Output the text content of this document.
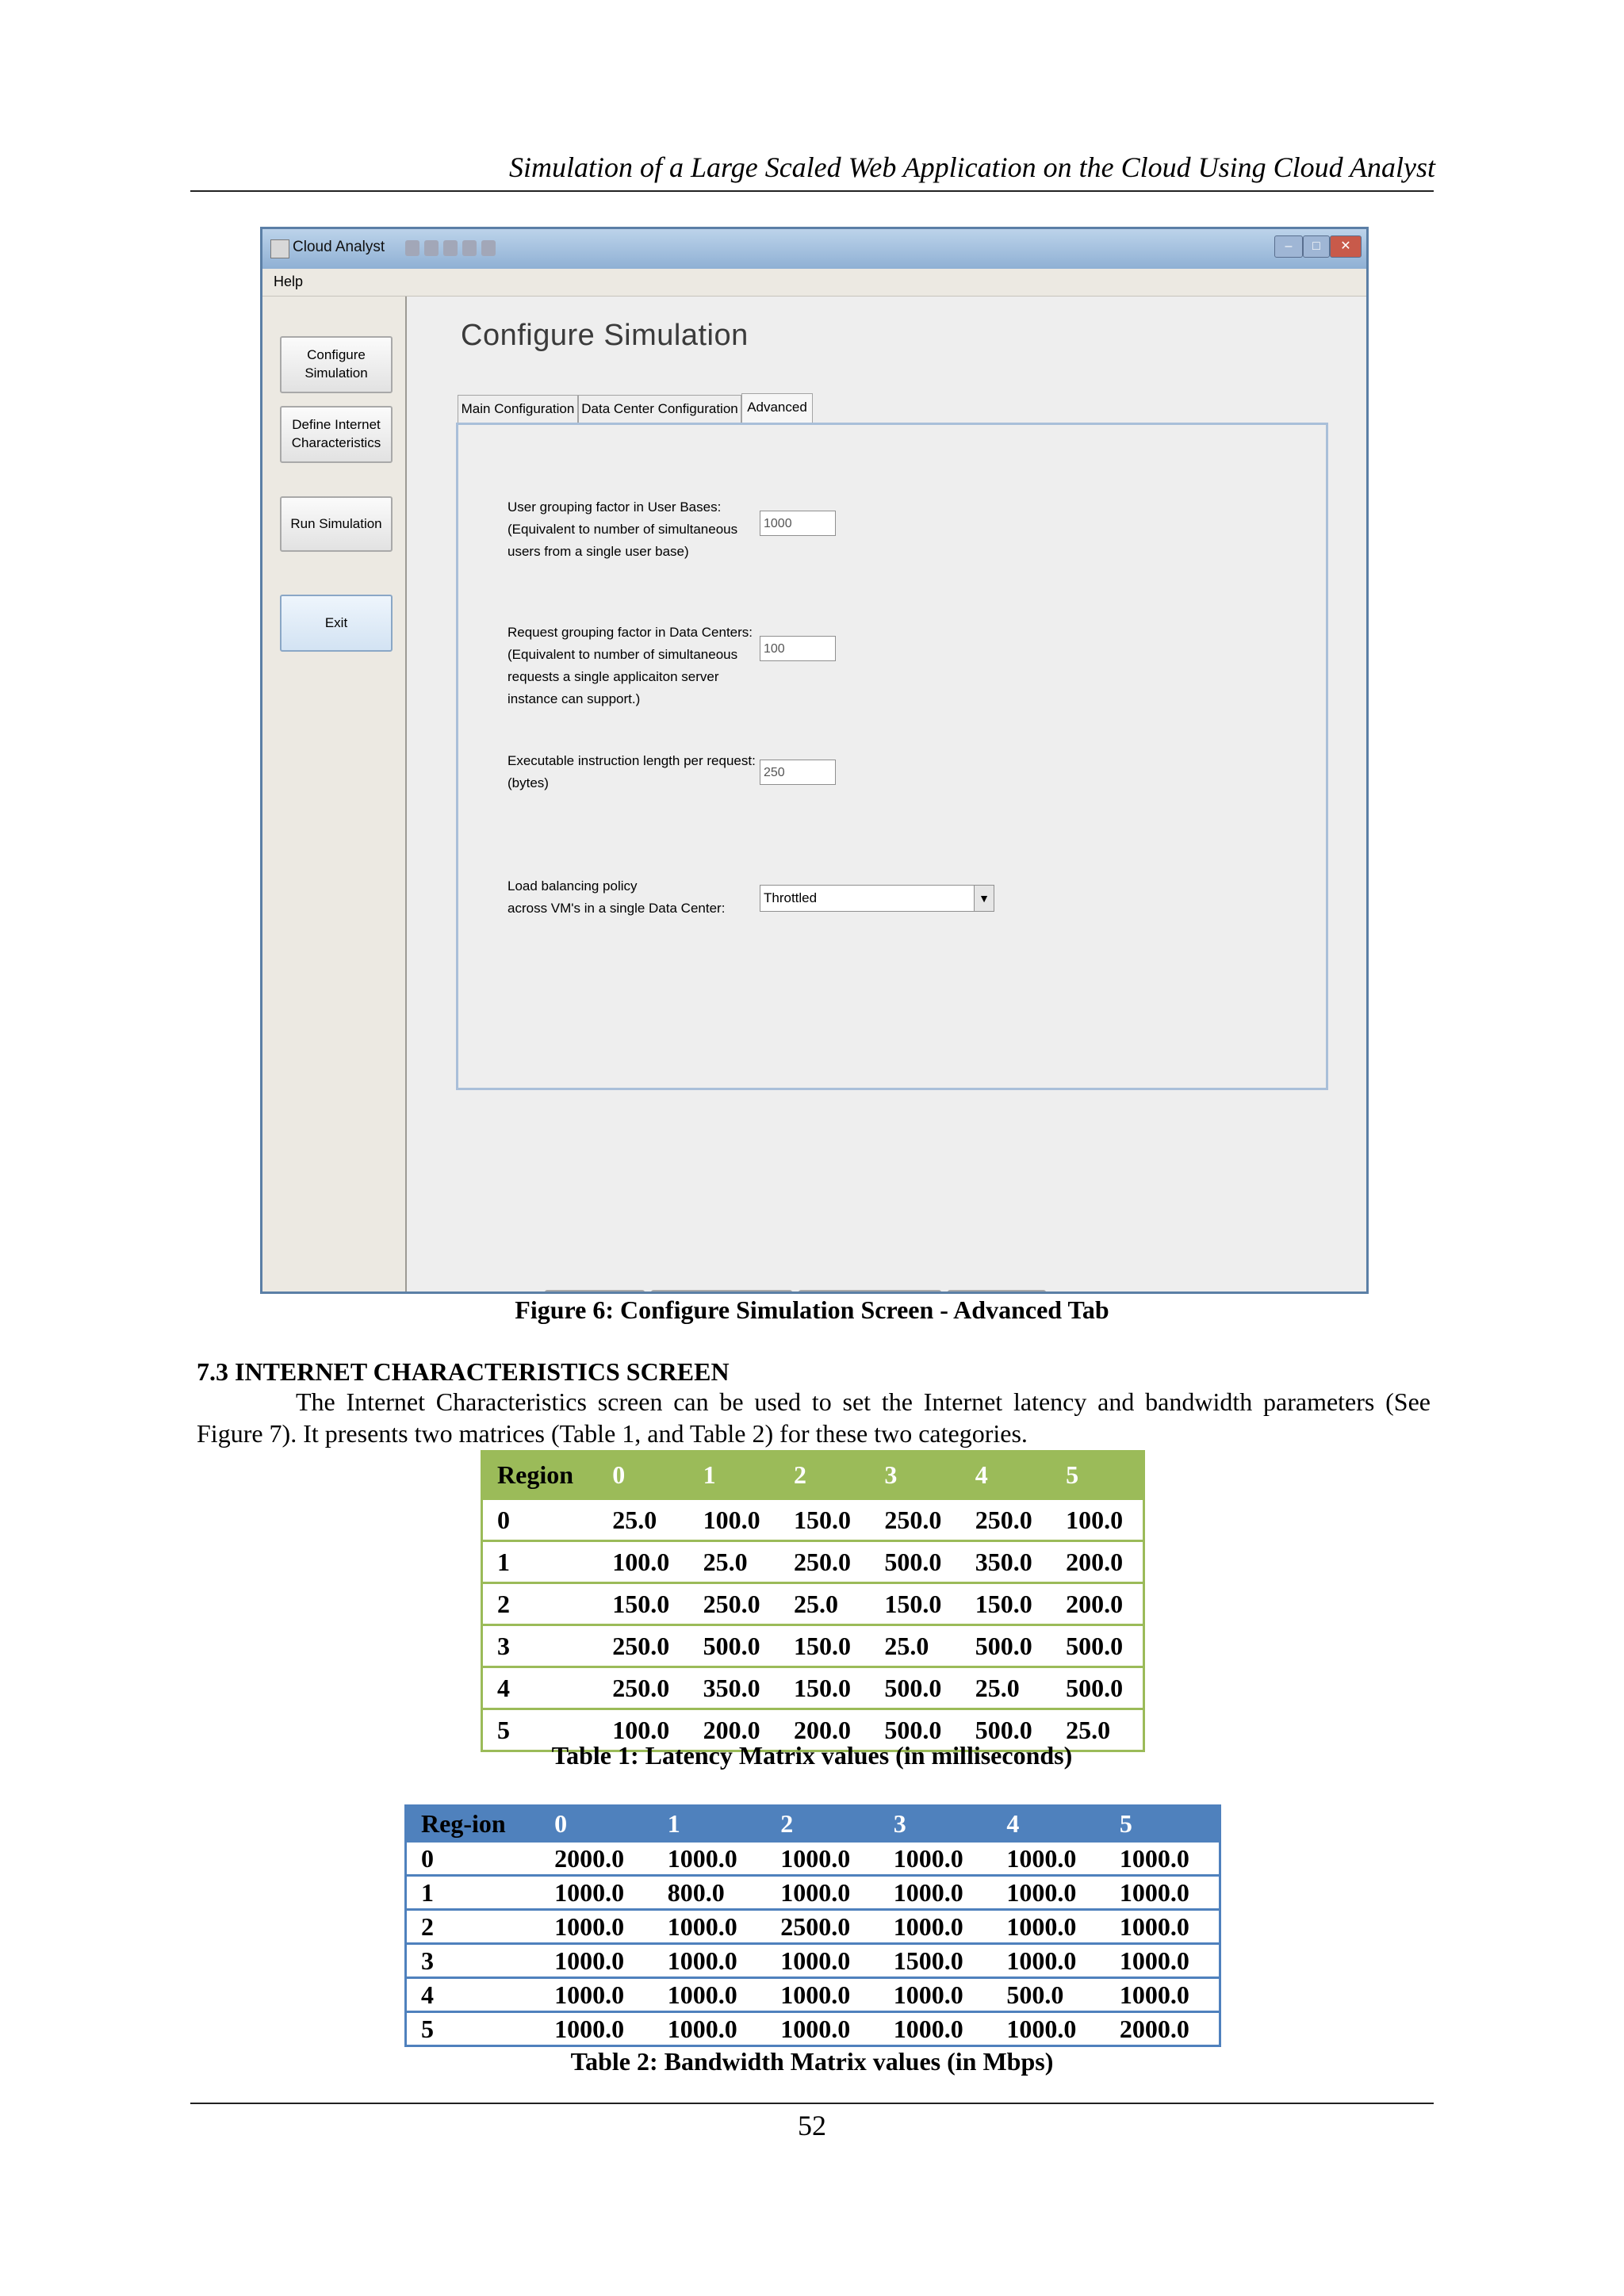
Simulation of a Large Scaled Web Application on the Cloud Using Cloud Analyst
Cloud Analyst	–	□	✕
Help
Configure
Simulation
Define Internet
Characteristics
Run Simulation
Exit
Configure Simulation
Main Configuration Data Center Configuration Advanced
User grouping factor in User Bases:
(Equivalent to number of simultaneous
users from a single user base)
1000
Request grouping factor in Data Centers:
(Equivalent to number of simultaneous
requests a single applicaiton server
instance can support.)
100
Executable instruction length per request:
(bytes)
250
Load balancing policy
across VM's in a single Data Center:
Throttled	▼
Figure 6: Configure Simulation Screen - Advanced Tab
7.3 INTERNET CHARACTERISTICS SCREEN
The Internet Characteristics screen can be used to set the Internet latency and bandwidth parameters (See Figure 7). It presents two matrices (Table 1, and Table 2) for these two categories.
Region	0	1	2	3	4	5
0	25.0	100.0	150.0	250.0	250.0	100.0
1	100.0	25.0	250.0	500.0	350.0	200.0
2	150.0	250.0	25.0	150.0	150.0	200.0
3	250.0	500.0	150.0	25.0	500.0	500.0
4	250.0	350.0	150.0	500.0	25.0	500.0
5	100.0	200.0	200.0	500.0	500.0	25.0
Table 1: Latency Matrix values (in milliseconds)
Reg-ion	0	1	2	3	4	5
0	2000.0	1000.0	1000.0	1000.0	1000.0	1000.0
1	1000.0	800.0	1000.0	1000.0	1000.0	1000.0
2	1000.0	1000.0	2500.0	1000.0	1000.0	1000.0
3	1000.0	1000.0	1000.0	1500.0	1000.0	1000.0
4	1000.0	1000.0	1000.0	1000.0	500.0	1000.0
5	1000.0	1000.0	1000.0	1000.0	1000.0	2000.0
Table 2: Bandwidth Matrix values (in Mbps)
52
